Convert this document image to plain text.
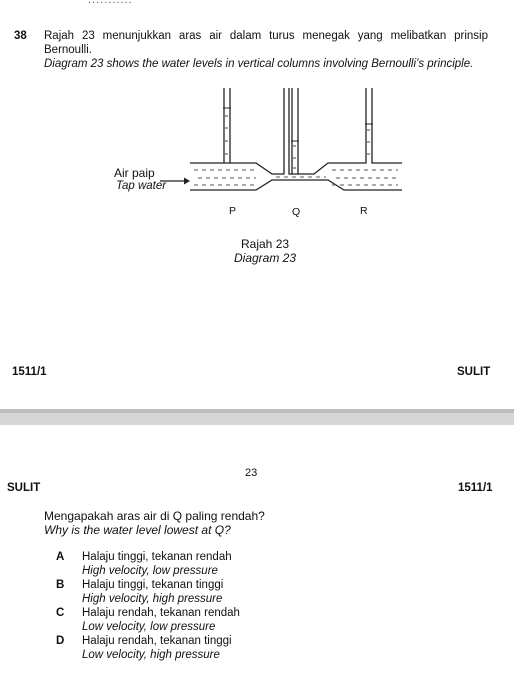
...........
38 Rajah 23 menunjukkan aras air dalam turus menegak yang melibatkan prinsip Bernoulli.
Diagram 23 shows the water levels in vertical columns involving Bernoulli’s principle.
Air paip
Tap water
P	Q	R
Rajah 23
Diagram 23
1511/1	SULIT
23
SULIT	1511/1
Mengapakah aras air di Q paling rendah?
Why is the water level lowest at Q?
A Halaju tinggi, tekanan rendah
High velocity, low pressure
B Halaju tinggi, tekanan tinggi
High velocity, high pressure
C Halaju rendah, tekanan rendah
Low velocity, low pressure
D Halaju rendah, tekanan tinggi
Low velocity, high pressure
